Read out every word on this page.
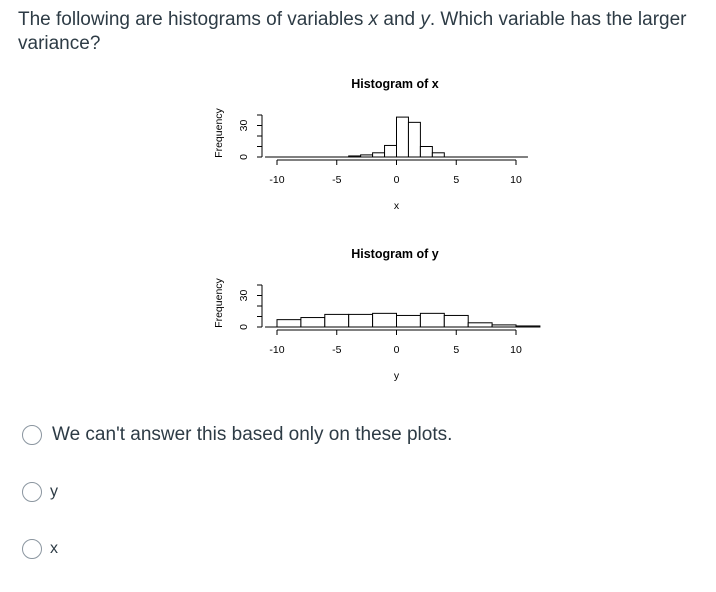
The following are histograms of variables x and y. Which variable has the larger variance?
Histogram of x
-10	-5	0	5	10
x
0
30
Frequency
Histogram of y
-10	-5	0	5	10
y
0
30
Frequency
We can't answer this based only on these plots.
y
x
